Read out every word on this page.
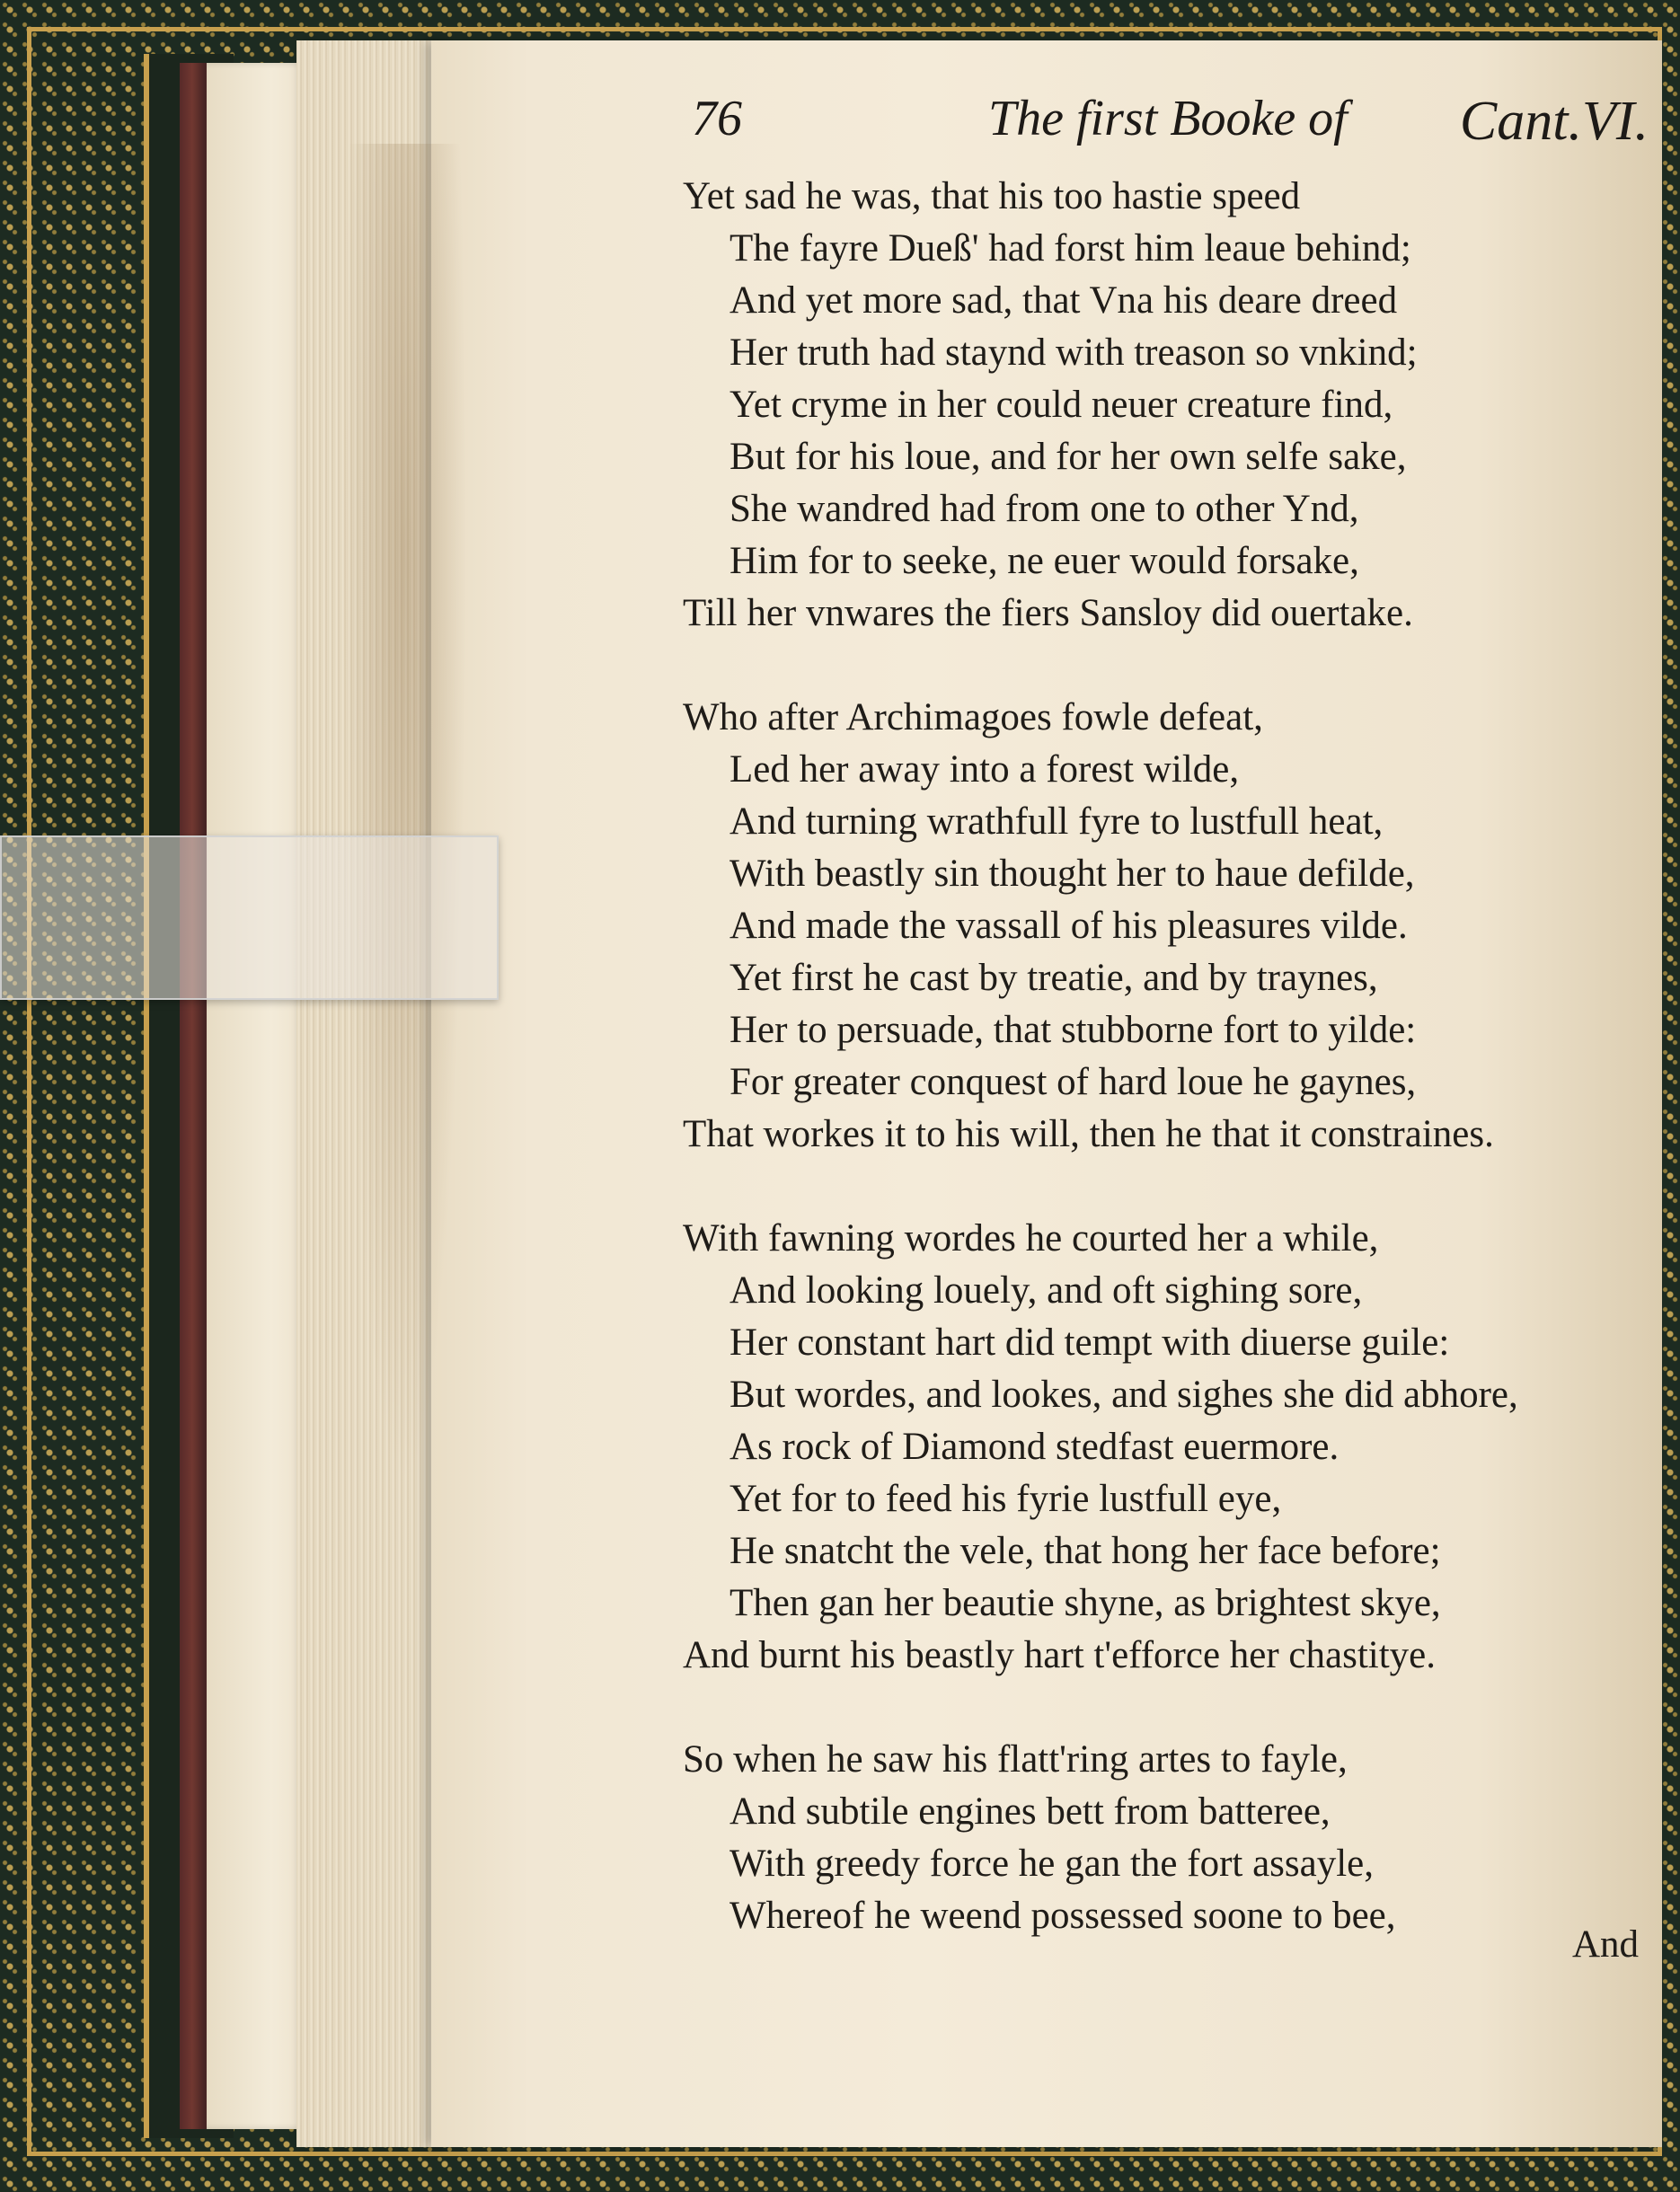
76	The first Booke of Cant.VI.
Yet sad he was, that his too hastie speed
The fayre Dueß' had forst him leaue behind;
And yet more sad, that Vna his deare dreed
Her truth had staynd with treason so vnkind;
Yet cryme in her could neuer creature find,
But for his loue, and for her own selfe sake,
She wandred had from one to other Ynd,
Him for to seeke, ne euer would forsake,
Till her vnwares the fiers Sansloy did ouertake.
Who after Archimagoes fowle defeat,
Led her away into a forest wilde,
And turning wrathfull fyre to lustfull heat,
With beastly sin thought her to haue defilde,
And made the vassall of his pleasures vilde.
Yet first he cast by treatie, and by traynes,
Her to persuade, that stubborne fort to yilde:
For greater conquest of hard loue he gaynes,
That workes it to his will, then he that it constraines.
With fawning wordes he courted her a while,
And looking louely, and oft sighing sore,
Her constant hart did tempt with diuerse guile:
But wordes, and lookes, and sighes she did abhore,
As rock of Diamond stedfast euermore.
Yet for to feed his fyrie lustfull eye,
He snatcht the vele, that hong her face before;
Then gan her beautie shyne, as brightest skye,
And burnt his beastly hart t'efforce her chastitye.
So when he saw his flatt'ring artes to fayle,
And subtile engines bett from batteree,
With greedy force he gan the fort assayle,
Whereof he weend possessed soone to bee,
And
